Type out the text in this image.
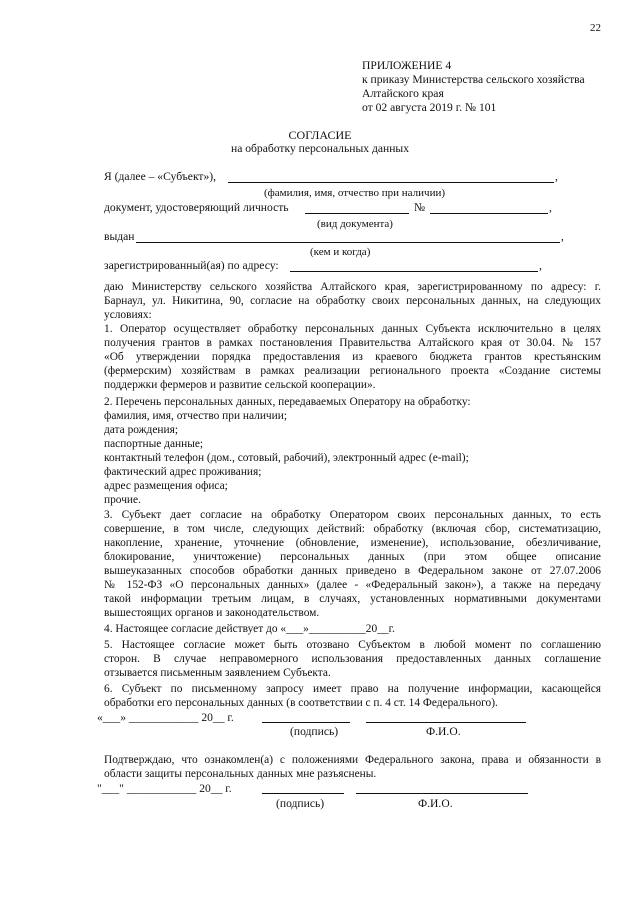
22
ПРИЛОЖЕНИЕ 4
к приказу Министерства сельского хозяйства
Алтайского края
от 02 августа 2019 г. № 101
СОГЛАСИЕ
на обработку персональных данных
Я (далее – «Субъект»),	,
(фамилия, имя, отчество при наличии)
документ, удостоверяющий личность	№	,
(вид документа)
выдан	,
(кем и когда)
зарегистрированный(ая) по адресу:	,
даю Министерству сельского хозяйства Алтайского края, зарегистрированному по адресу: г.
Барнаул, ул. Никитина, 90, согласие на обработку своих персональных данных, на следующих
условиях:
1. Оператор осуществляет обработку персональных данных Субъекта исключительно в целях
получения грантов в рамках постановления Правительства Алтайского края от 30.04. № 157
«Об утверждении порядка предоставления из краевого бюджета грантов крестьянским
(фермерским) хозяйствам в рамках реализации регионального проекта «Создание системы
поддержки фермеров и развитие сельской кооперации».
2. Перечень персональных данных, передаваемых Оператору на обработку:
фамилия, имя, отчество при наличии;
дата рождения;
паспортные данные;
контактный телефон (дом., сотовый, рабочий), электронный адрес (e-mail);
фактический адрес проживания;
адрес размещения офиса;
прочие.
3. Субъект дает согласие на обработку Оператором своих персональных данных, то есть
совершение, в том числе, следующих действий: обработку (включая сбор, систематизацию,
накопление, хранение, уточнение (обновление, изменение), использование, обезличивание,
блокирование, уничтожение) персональных данных (при этом общее описание
вышеуказанных способов обработки данных приведено в Федеральном законе от 27.07.2006
№ 152-ФЗ «О персональных данных» (далее - «Федеральный закон»), а также на передачу
такой информации третьим лицам, в случаях, установленных нормативными документами
вышестоящих органов и законодательством.
4. Настоящее согласие действует до «___»__________20__г.
5. Настоящее согласие может быть отозвано Субъектом в любой момент по соглашению
сторон. В случае неправомерного использования предоставленных данных соглашение
отзывается письменным заявлением Субъекта.
6. Субъект по письменному запросу имеет право на получение информации, касающейся
обработки его персональных данных (в соответствии с п. 4 ст. 14 Федерального).
«___» ____________ 20__ г.
(подпись)	Ф.И.О.
Подтверждаю, что ознакомлен(а) с положениями Федерального закона, права и обязанности в
области защиты персональных данных мне разъяснены.
"___" ____________ 20__ г.
(подпись)	Ф.И.О.
